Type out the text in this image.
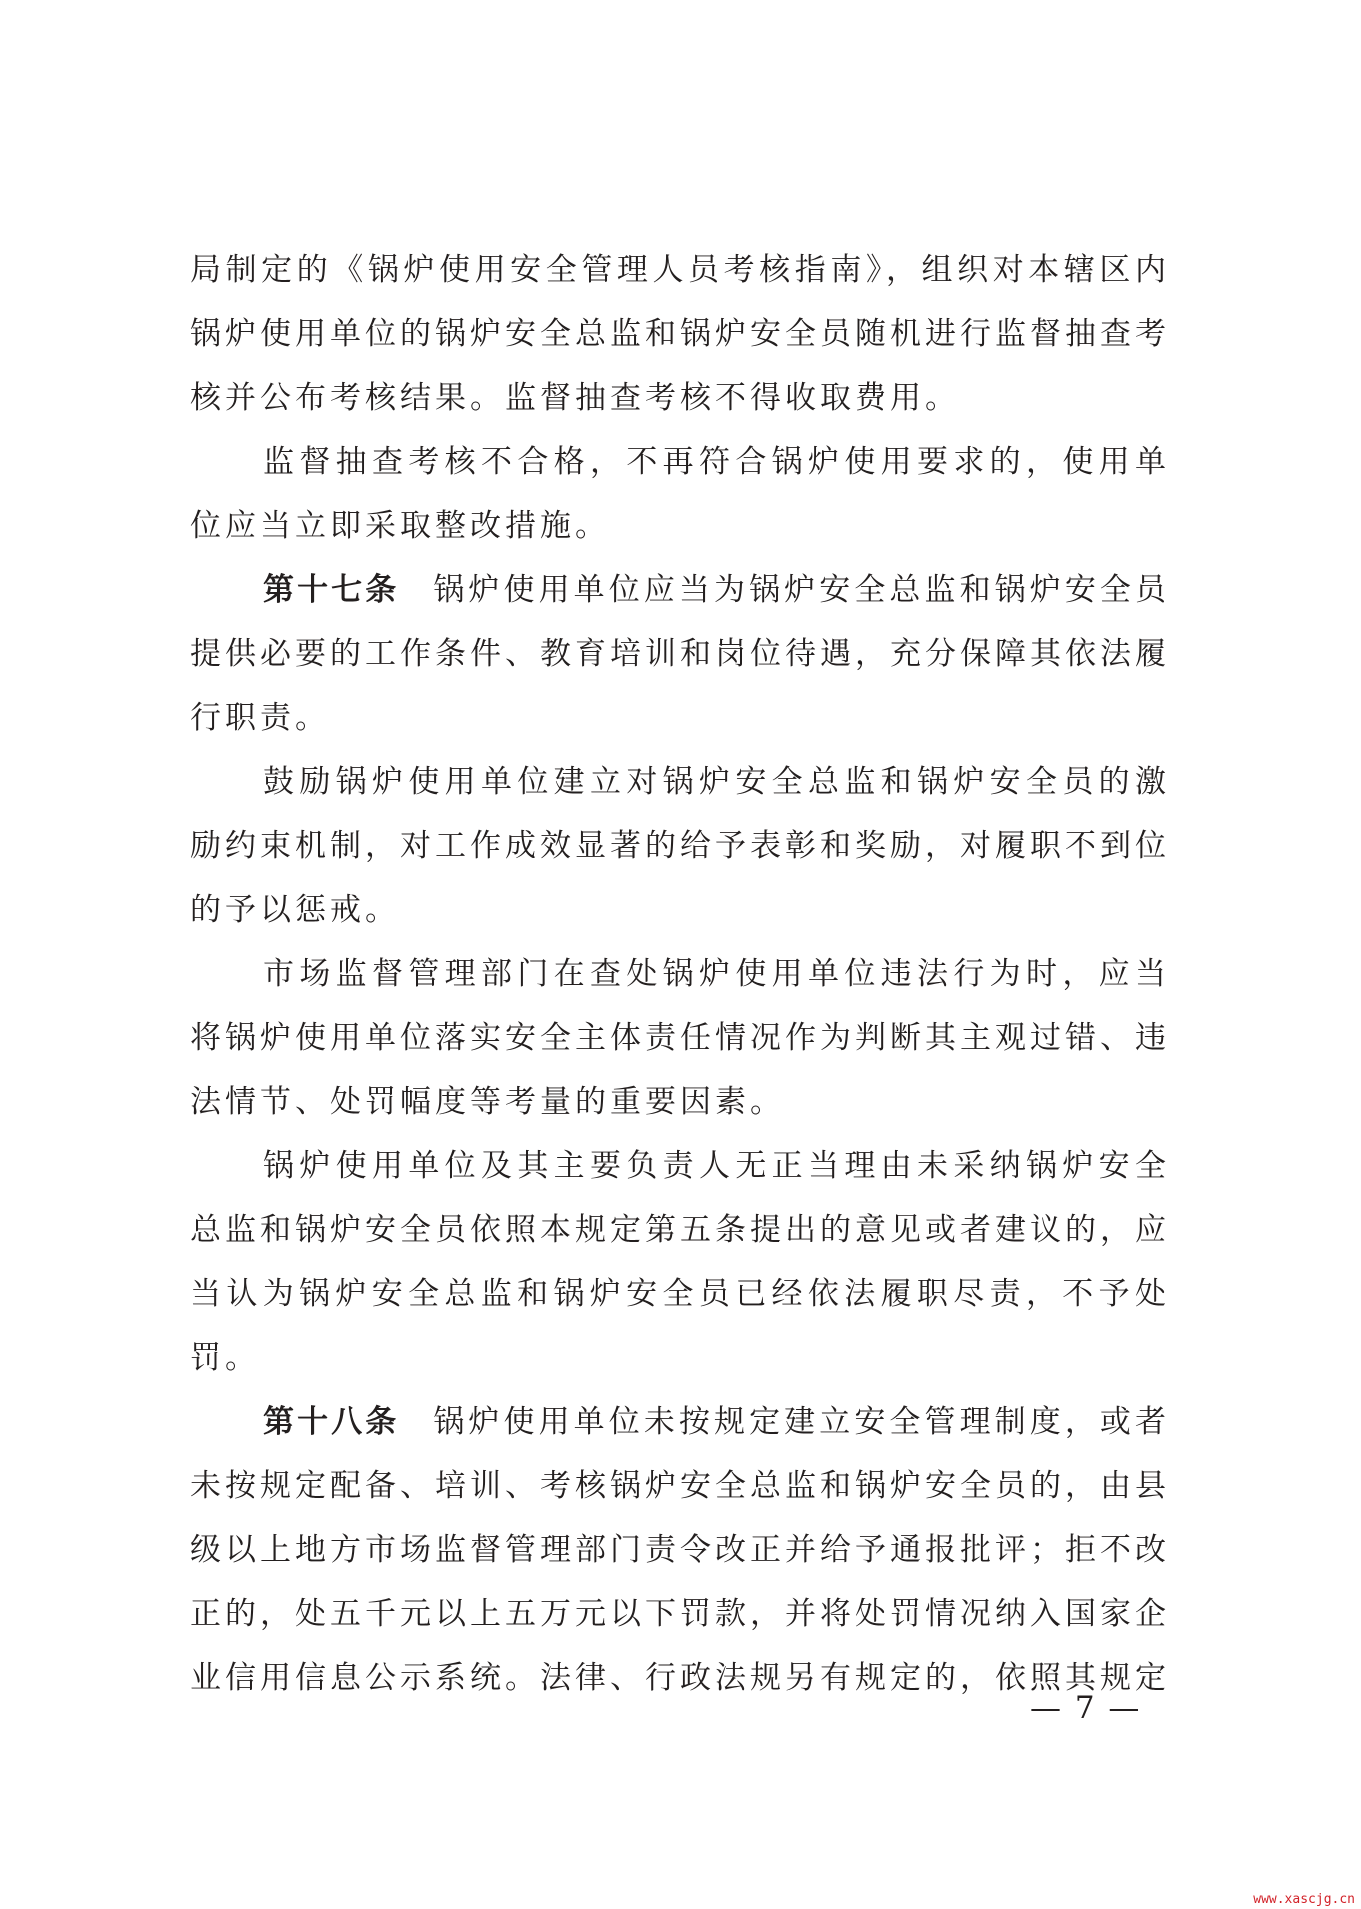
局制定的《锅炉使用安全管理人员考核指南》，组织对本辖区内锅炉使用单位的锅炉安全总监和锅炉安全员随机进行监督抽查考核并公布考核结果。监督抽查考核不得收取费用。

监督抽查考核不合格，不再符合锅炉使用要求的，使用单位应当立即采取整改措施。

第十七条 锅炉使用单位应当为锅炉安全总监和锅炉安全员提供必要的工作条件、教育培训和岗位待遇，充分保障其依法履行职责。

鼓励锅炉使用单位建立对锅炉安全总监和锅炉安全员的激励约束机制，对工作成效显著的给予表彰和奖励，对履职不到位的予以惩戒。

市场监督管理部门在查处锅炉使用单位违法行为时，应当将锅炉使用单位落实安全主体责任情况作为判断其主观过错、违法情节、处罚幅度等考量的重要因素。

锅炉使用单位及其主要负责人无正当理由未采纳锅炉安全总监和锅炉安全员依照本规定第五条提出的意见或者建议的，应当认为锅炉安全总监和锅炉安全员已经依法履职尽责，不予处罚。

第十八条 锅炉使用单位未按规定建立安全管理制度，或者未按规定配备、培训、考核锅炉安全总监和锅炉安全员的，由县级以上地方市场监督管理部门责令改正并给予通报批评；拒不改正的，处五千元以上五万元以下罚款，并将处罚情况纳入国家企业信用信息公示系统。法律、行政法规另有规定的，依照其规定

— 7 —
www.xascjg.cn
